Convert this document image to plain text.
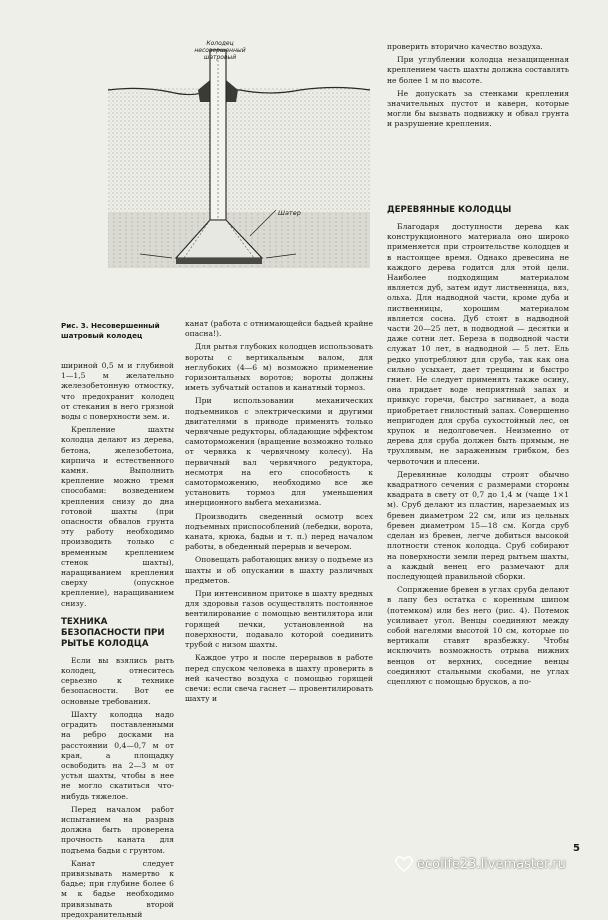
Колодец несовершенный шатровый
Шатер
Рис. 3. Несовершенный шатровый колодец

шириной 0,5 м и глубиной 1—1,5 м желательно железобетонную отмостку, что предохранит колодец от стекания в него грязной воды с поверхности зем. и.

Крепление шахты колодца делают из дерева, бетона, железобетона, кирпича и естественного камня. Выполнить крепление можно тремя способами: возведением крепления снизу до дна готовой шахты (при опасности обвалов грунта эту работу необходимо производить только с временным креплением стенок шахты), наращиванием крепления сверху (опускное крепление), наращиванием снизу.

ТЕХНИКА БЕЗОПАСНОСТИ ПРИ РЫТЬЕ КОЛОДЦА

Если вы взялись рыть колодец, отнеситесь серьезно к технике безопасности. Вот ее основные требования.

Шахту колодца надо оградить поставленными на ребро досками на расстоянии 0,4—0,7 м от края, а площадку освободить на 2—3 м от устья шахты, чтобы в нее не могло скатиться что-нибудь тяжелое.

Перед началом работ испытанием на разрыв должна быть проверена прочность каната для подъема бадьи с грунтом.

Канат следует привязывать намертво к бадье; при глубине более 6 м к бадье необходимо привязывать второй предохранительный

канат (работа с отнимающейся бадьей крайне опасна!).

Для рытья глубоких колодцев использовать вороты с вертикальным валом, для неглубоких (4—6 м) возможно применение горизонтальных воротов; вороты должны иметь зубчатый остапов и канатный тормоз.

При использовании механических подъемников с электрическими и другими двигателями в приводе применять только червячные редукторы, обладающие эффектом самоторможения (вращение возможно только от червяка к червячному колесу). На первичный вал червячного редуктора, несмотря на его способность к самоторможению, необходимо все же установить тормоз для уменьшения инерционного выбега механизма.

Производить сведенный осмотр всех подъемных приспособлений (лебедки, ворота, каната, крюка, бадьи и т. п.) перед началом работы, в обеденный перерыв и вечером.

Оповещать работающих внизу о подъеме из шахты и об опускании в шахту различных предметов.

При интенсивном притоке в шахту вредных для здоровья газов осуществлять постоянное вентилирование с помощью вентилятора или горящей печки, установленной на поверхности, подавало которой соединить трубой с низом шахты.

Каждое утро и после перерывов в работе перед спуском человека в шахту проверить в ней качество воздуха с помощью горящей свечи: если свеча гаснет — провентилировать шахту и

проверить вторично качество воздуха.

При углублении колодца незащищенная креплением часть шахты должна составлять не более 1 м по высоте.

Не допускать за стенками крепления значительных пустот и каверн, которые могли бы вызвать подвижку и обвал грунта и разрушение крепления.

ДЕРЕВЯННЫЕ КОЛОДЦЫ

Благодаря доступности дерева как конструкционного материала оно широко применяется при строительстве колодцев и в настоящее время. Однако древесина не каждого дерева годится для этой цели. Наиболее подходящим материалом является дуб, затем идут лиственница, вяз, ольха. Для надводной части, кроме дуба и лиственницы, хорошим материалом является сосна. Дуб стоят в надводной части 20—25 лет, в подводной — десятки и даже сотни лет. Береза в подводной части служат 10 лет, в надводной — 5 лет. Ель редко употребляют для сруба, так как она сильно усыхает, дает трещины и быстро гниет. Не следует применять также осину, она придает воде неприятный запах и привкус горечи, быстро загнивает, а вода приобретает гнилостный запах. Совершенно непригоден для сруба сухостойный лес, он хрупок и недолговечен. Неизменно от дерева для сруба должен быть прямым, не трухлявым, не зараженным грибком, без червоточин и плесени.

Деревянные колодцы строят обычно квадратного сечения с размерами стороны квадрата в свету от 0,7 до 1,4 м (чаще 1×1 м). Сруб делают из пластин, нарезаемых из бревен диаметром 22 см, или из цельных бревен диаметром 15—18 см. Когда сруб сделан из бревен, легче добиться высокой плотности стенок колодца. Сруб собирают на поверхности земли перед рытьем шахты, а каждый венец его размечают для последующей правильной сборки.

Сопряжение бревен в углах сруба делают в лапу без остатка с коренным шипом (потемком) или без него (рис. 4). Потемок усиливает угол. Венцы соединяют между собой нагелями высотой 10 см, которые по вертикали ставят вразбежку. Чтобы исключить возможность отрыва нижних венцов от верхних, соседние венцы соединяют стальными скобами, не углах сцепляют с помощью брусков, а по-

5
ecolife23.livemaster.ru
